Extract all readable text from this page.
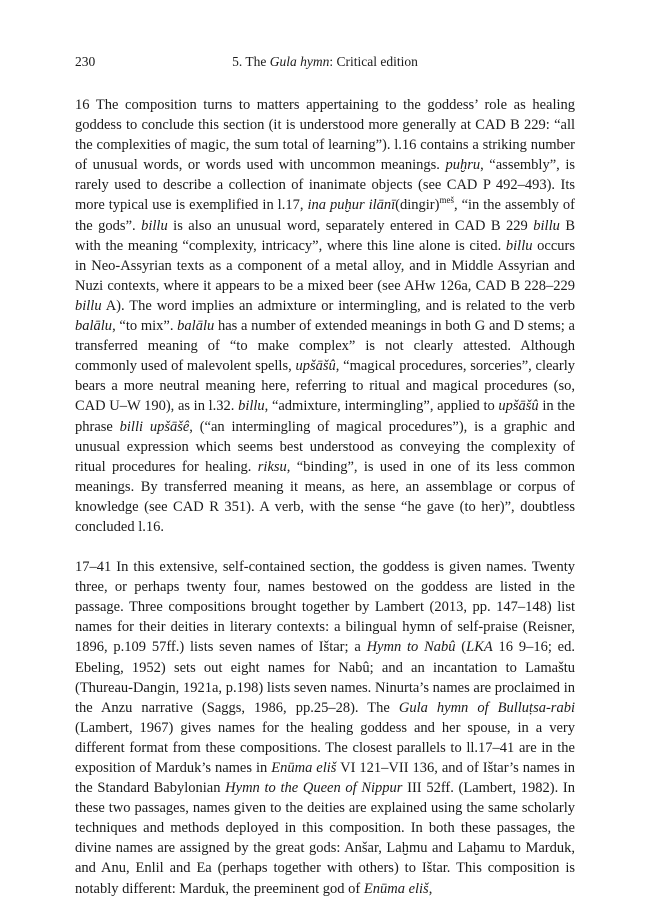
230	5. The Gula hymn: Critical edition

16 The composition turns to matters appertaining to the goddess’ role as healing goddess to conclude this section (it is understood more generally at CAD B 229: “all the complexities of magic, the sum total of learning”). l.16 contains a striking number of unusual words, or words used with uncommon meanings. puḫru, “assembly”, is rarely used to describe a collection of inanimate objects (see CAD P 492–493). Its more typical use is exemplified in l.17, ina puḫur ilānī(dingir)$^{meš}$, “in the assembly of the gods”. billu is also an unusual word, separately entered in CAD B 229 billu B with the meaning “complexity, intricacy”, where this line alone is cited. billu occurs in Neo-Assyrian texts as a component of a metal alloy, and in Middle Assyrian and Nuzi contexts, where it appears to be a mixed beer (see AHw 126a, CAD B 228–229 billu A). The word implies an admixture or intermingling, and is related to the verb balālu, “to mix”. balālu has a number of extended meanings in both G and D stems; a transferred meaning of “to make complex” is not clearly attested. Although commonly used of malevolent spells, upšāšû, “magical procedures, sorceries”, clearly bears a more neutral meaning here, referring to ritual and magical procedures (so, CAD U–W 190), as in l.32. billu, “admixture, intermingling”, applied to upšāšû in the phrase billi upšāšê, (“an intermingling of magical procedures”), is a graphic and unusual expression which seems best understood as conveying the complexity of ritual procedures for healing. riksu, “binding”, is used in one of its less common meanings. By transferred meaning it means, as here, an assemblage or corpus of knowledge (see CAD R 351). A verb, with the sense “he gave (to her)”, doubtless concluded l.16.

17–41 In this extensive, self-contained section, the goddess is given names. Twenty three, or perhaps twenty four, names bestowed on the goddess are listed in the passage. Three compositions brought together by Lambert (2013, pp. 147–148) list names for their deities in literary contexts: a bilingual hymn of self-praise (Reisner, 1896, p.109 57ff.) lists seven names of Ištar; a Hymn to Nabû (LKA 16 9–16; ed. Ebeling, 1952) sets out eight names for Nabû; and an incantation to Lamaštu (Thureau-Dangin, 1921a, p.198) lists seven names. Ninurta’s names are proclaimed in the Anzu narrative (Saggs, 1986, pp.25–28). The Gula hymn of Bulluṭsa-rabi (Lambert, 1967) gives names for the healing goddess and her spouse, in a very different format from these compositions. The closest parallels to ll.17–41 are in the exposition of Marduk’s names in Enūma eliš VI 121–VII 136, and of Ištar’s names in the Standard Babylonian Hymn to the Queen of Nippur III 52ff. (Lambert, 1982). In these two passages, names given to the deities are explained using the same scholarly techniques and methods deployed in this composition. In both these passages, the divine names are assigned by the great gods: Anšar, Laḫmu and Laḫamu to Marduk, and Anu, Enlil and Ea (perhaps together with others) to Ištar. This composition is notably different: Marduk, the preeminent god of Enūma eliš,
